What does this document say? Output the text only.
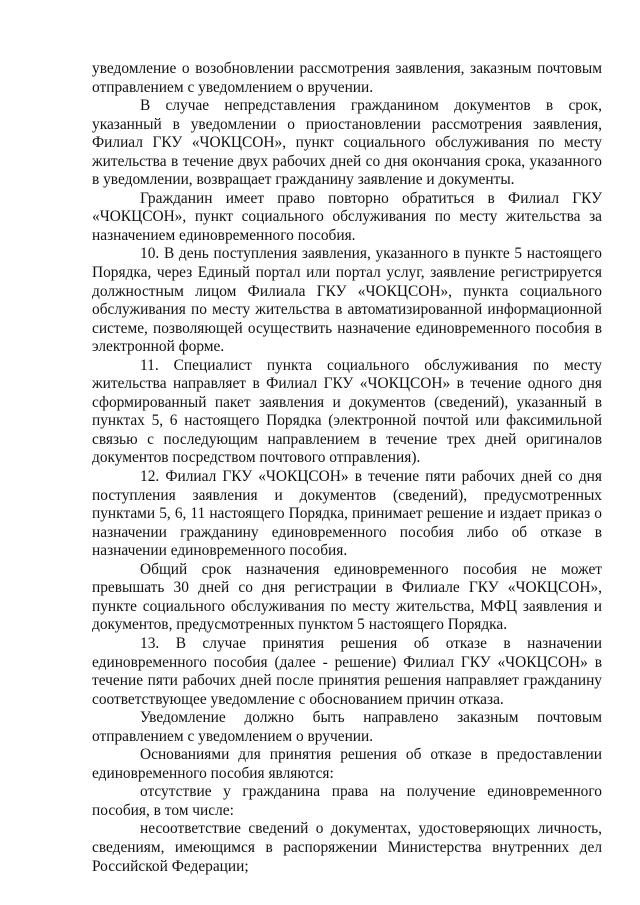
уведомление о возобновлении рассмотрения заявления, заказным почтовым отправлением с уведомлением о вручении.

В случае непредставления гражданином документов в срок, указанный в уведомлении о приостановлении рассмотрения заявления, Филиал ГКУ «ЧОКЦСОН», пункт социального обслуживания по месту жительства в течение двух рабочих дней со дня окончания срока, указанного в уведомлении, возвращает гражданину заявление и документы.

Гражданин имеет право повторно обратиться в Филиал ГКУ «ЧОКЦСОН», пункт социального обслуживания по месту жительства за назначением единовременного пособия.

10. В день поступления заявления, указанного в пункте 5 настоящего Порядка, через Единый портал или портал услуг, заявление регистрируется должностным лицом Филиала ГКУ «ЧОКЦСОН», пункта социального обслуживания по месту жительства в автоматизированной информационной системе, позволяющей осуществить назначение единовременного пособия в электронной форме.

11. Специалист пункта социального обслуживания по месту жительства направляет в Филиал ГКУ «ЧОКЦСОН» в течение одного дня сформированный пакет заявления и документов (сведений), указанный в пунктах 5, 6 настоящего Порядка (электронной почтой или факсимильной связью с последующим направлением в течение трех дней оригиналов документов посредством почтового отправления).

12. Филиал ГКУ «ЧОКЦСОН» в течение пяти рабочих дней со дня поступления заявления и документов (сведений), предусмотренных пунктами 5, 6, 11 настоящего Порядка, принимает решение и издает приказ о назначении гражданину единовременного пособия либо об отказе в назначении единовременного пособия.

Общий срок назначения единовременного пособия не может превышать 30 дней со дня регистрации в Филиале ГКУ «ЧОКЦСОН», пункте социального обслуживания по месту жительства, МФЦ заявления и документов, предусмотренных пунктом 5 настоящего Порядка.

13. В случае принятия решения об отказе в назначении единовременного пособия (далее - решение) Филиал ГКУ «ЧОКЦСОН» в течение пяти рабочих дней после принятия решения направляет гражданину соответствующее уведомление с обоснованием причин отказа.

Уведомление должно быть направлено заказным почтовым отправлением с уведомлением о вручении.

Основаниями для принятия решения об отказе в предоставлении единовременного пособия являются:

отсутствие у гражданина права на получение единовременного пособия, в том числе:

несоответствие сведений о документах, удостоверяющих личность, сведениям, имеющимся в распоряжении Министерства внутренних дел Российской Федерации;
